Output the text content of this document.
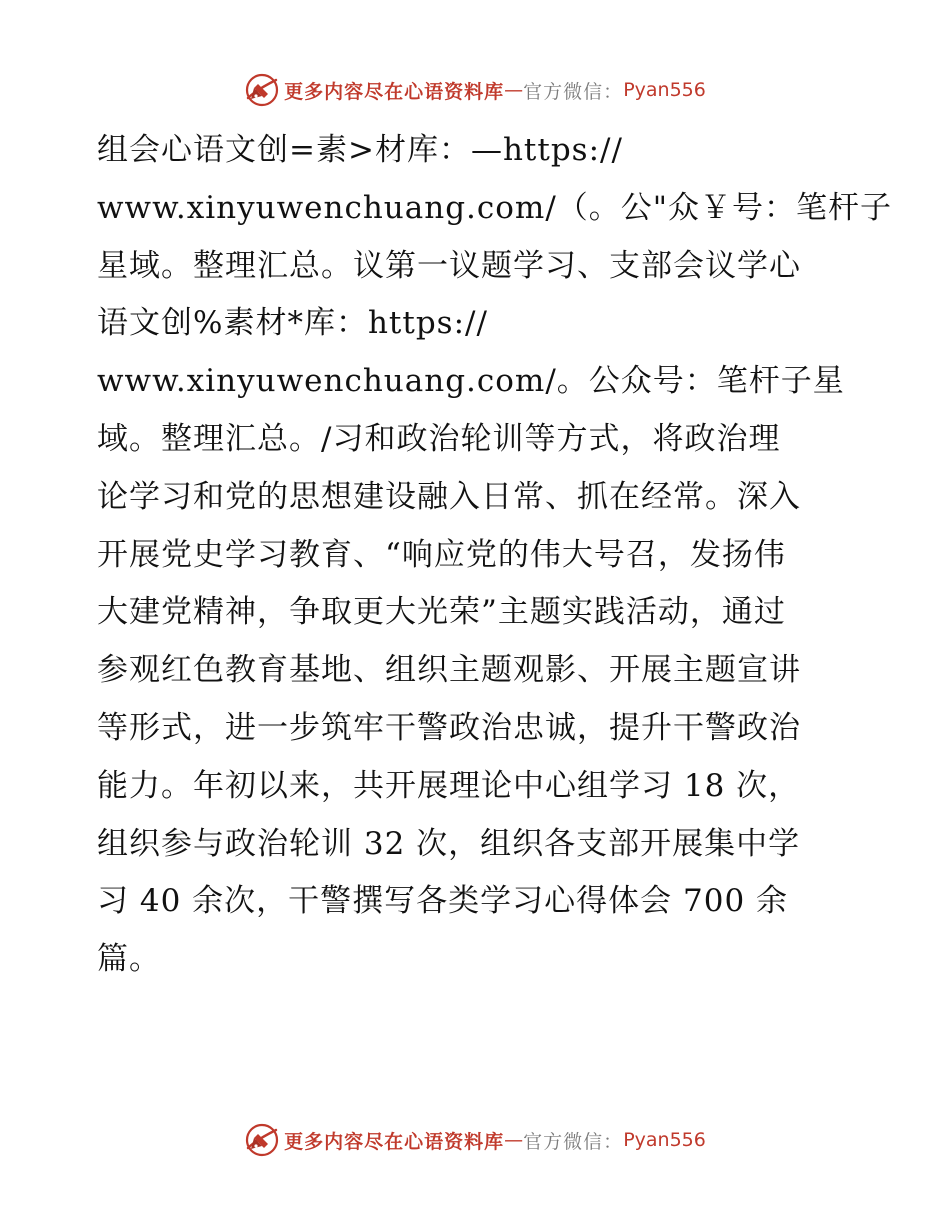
更多内容尽在心语资料库 — 官方微信： Pyan556

组会心语文创=素>材库：—https://

www.xinyuwenchuang.com/（。公"众￥号：笔杆子

星域。整理汇总。议第一议题学习、支部会议学心

语文创%素材*库：https://

www.xinyuwenchuang.com/。公众号：笔杆子星

域。整理汇总。/习和政治轮训等方式，将政治理

论学习和党的思想建设融入日常、抓在经常。深入

开展党史学习教育、“响应党的伟大号召，发扬伟

大建党精神，争取更大光荣”主题实践活动，通过

参观红色教育基地、组织主题观影、开展主题宣讲

等形式，进一步筑牢干警政治忠诚，提升干警政治

能力。年初以来，共开展理论中心组学习 18 次，

组织参与政治轮训 32 次，组织各支部开展集中学

习 40 余次，干警撰写各类学习心得体会 700 余

篇。

更多内容尽在心语资料库 — 官方微信： Pyan556
